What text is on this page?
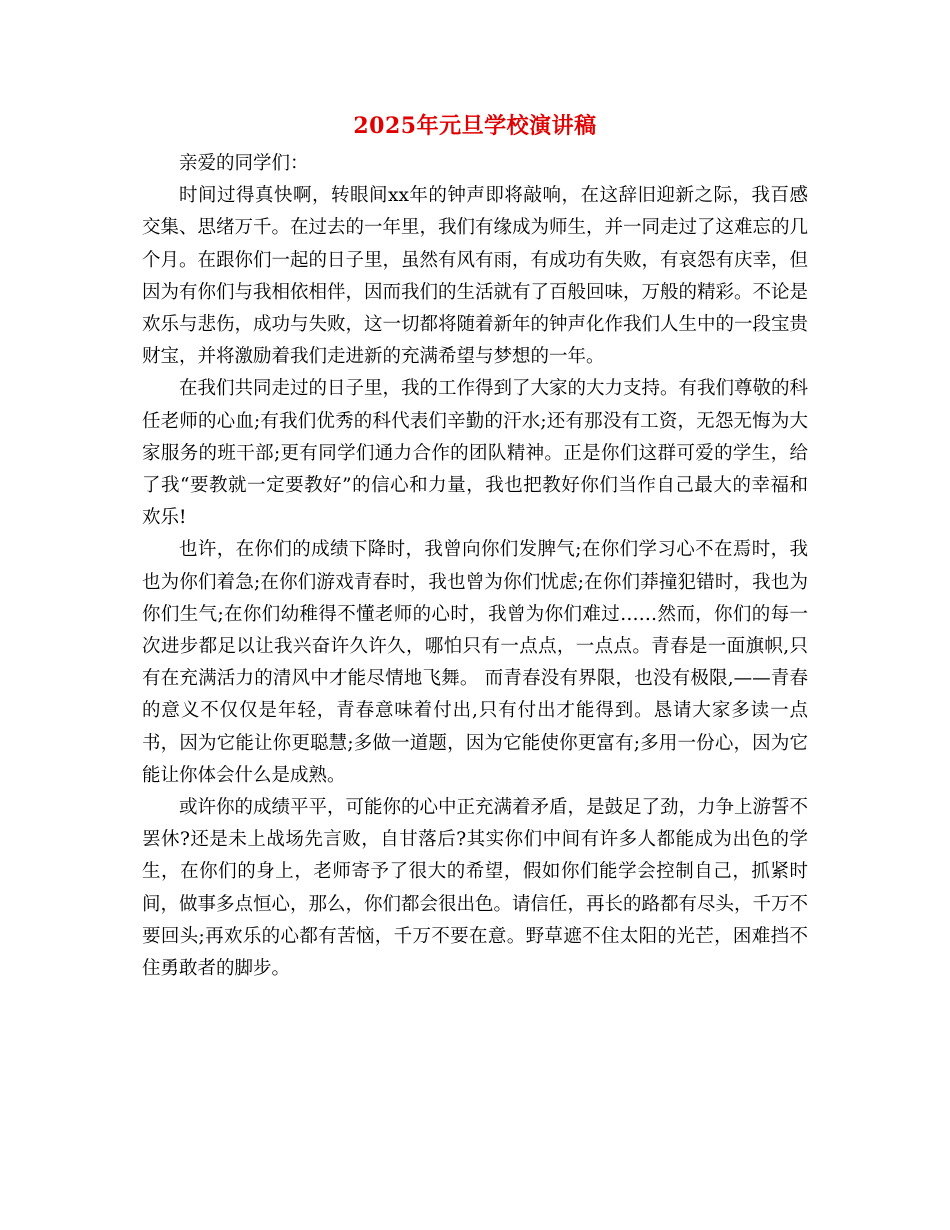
2025年元旦学校演讲稿

亲爱的同学们：

时间过得真快啊，转眼间xx年的钟声即将敲响，在这辞旧迎新之际，我百感交集、思绪万千。在过去的一年里，我们有缘成为师生，并一同走过了这难忘的几个月。在跟你们一起的日子里，虽然有风有雨，有成功有失败，有哀怨有庆幸，但因为有你们与我相依相伴，因而我们的生活就有了百般回味，万般的精彩。不论是欢乐与悲伤，成功与失败，这一切都将随着新年的钟声化作我们人生中的一段宝贵财宝，并将激励着我们走进新的充满希望与梦想的一年。

在我们共同走过的日子里，我的工作得到了大家的大力支持。有我们尊敬的科任老师的心血;有我们优秀的科代表们辛勤的汗水;还有那没有工资，无怨无悔为大家服务的班干部;更有同学们通力合作的团队精神。正是你们这群可爱的学生，给了我“要教就一定要教好”的信心和力量，我也把教好你们当作自己最大的幸福和欢乐!

也许，在你们的成绩下降时，我曾向你们发脾气;在你们学习心不在焉时，我也为你们着急;在你们游戏青春时，我也曾为你们忧虑;在你们莽撞犯错时，我也为你们生气;在你们幼稚得不懂老师的心时，我曾为你们难过……然而，你们的每一次进步都足以让我兴奋许久许久，哪怕只有一点点，一点点。青春是一面旗帜,只有在充满活力的清风中才能尽情地飞舞。 而青春没有界限，也没有极限,——青春的意义不仅仅是年轻，青春意味着付出,只有付出才能得到。恳请大家多读一点书，因为它能让你更聪慧;多做一道题，因为它能使你更富有;多用一份心，因为它能让你体会什么是成熟。

或许你的成绩平平，可能你的心中正充满着矛盾，是鼓足了劲，力争上游誓不罢休?还是未上战场先言败，自甘落后?其实你们中间有许多人都能成为出色的学生，在你们的身上，老师寄予了很大的希望，假如你们能学会控制自己，抓紧时间，做事多点恒心，那么，你们都会很出色。请信任，再长的路都有尽头，千万不要回头;再欢乐的心都有苦恼，千万不要在意。野草遮不住太阳的光芒，困难挡不住勇敢者的脚步。
